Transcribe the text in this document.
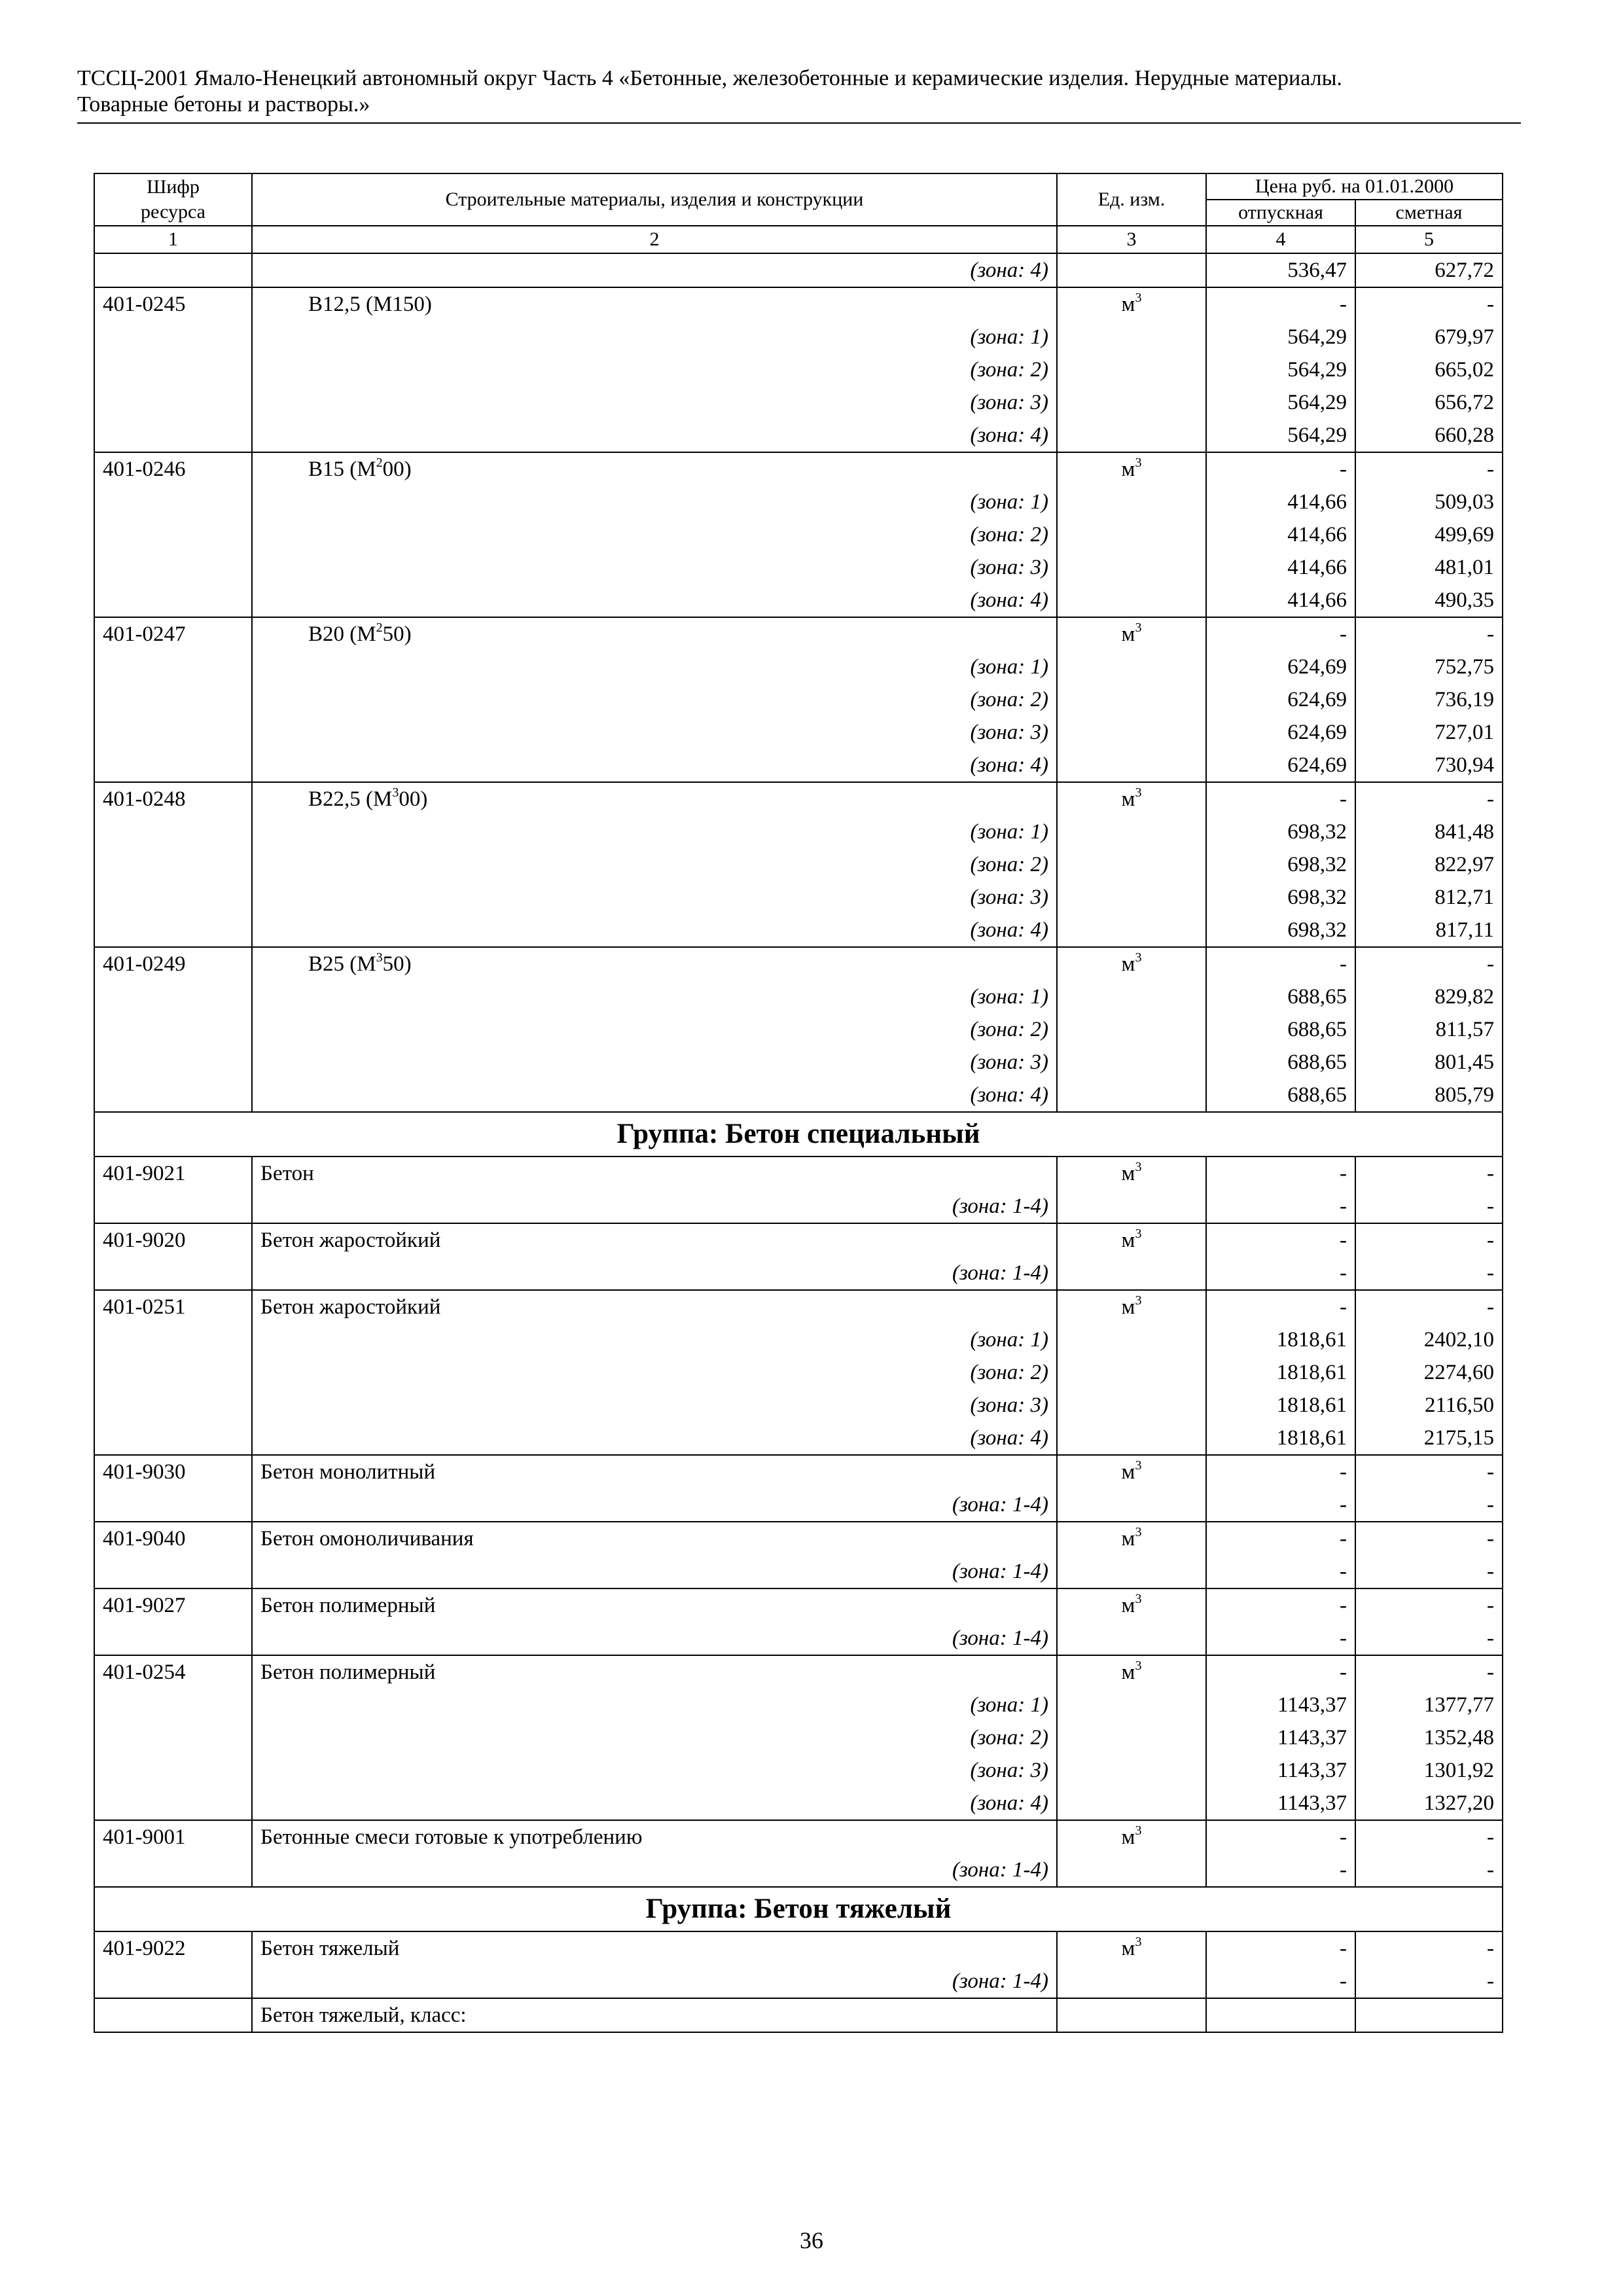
ТССЦ-2001 Ямало-Ненецкий автономный округ Часть 4 «Бетонные, железобетонные и керамические изделия. Нерудные материалы.
Товарные бетоны и растворы.»
Шифр ресурса	Строительные материалы, изделия и конструкции	Ед. изм.	Цена руб. на 01.01.2000	
			отпускная	сметная
1	2	3	4	5
	(зона: 4)		536,47	627,72
401-0245	B12,5 (M150)	$м^3$	-	-
	(зона: 1)		564,29	679,97
	(зона: 2)		564,29	665,02
	(зона: 3)		564,29	656,72
	(зона: 4)		564,29	660,28
401-0246	B15 $(M^200)$	$м^3$	-	-
	(зона: 1)		414,66	509,03
	(зона: 2)		414,66	499,69
	(зона: 3)		414,66	481,01
	(зона: 4)		414,66	490,35
401-0247	B20 $(M^250)$	$м^3$	-	-
	(зона: 1)		624,69	752,75
	(зона: 2)		624,69	736,19
	(зона: 3)		624,69	727,01
	(зона: 4)		624,69	730,94
401-0248	B22,5 $(M^300)$	$м^3$	-	-
	(зона: 1)		698,32	841,48
	(зона: 2)		698,32	822,97
	(зона: 3)		698,32	812,71
	(зона: 4)		698,32	817,11
401-0249	B25 $(M^350)$	$м^3$	-	-
	(зона: 1)		688,65	829,82
	(зона: 2)		688,65	811,57
	(зона: 3)		688,65	801,45
	(зона: 4)		688,65	805,79
Группа: Бетон специальный				
401-9021	Бетон	$м^3$	-	-
	(зона: 1-4)		-	-
401-9020	Бетон жаростойкий	$м^3$	-	-
	(зона: 1-4)		-	-
401-0251	Бетон жаростойкий	$м^3$	-	-
	(зона: 1)		1818,61	2402,10
	(зона: 2)		1818,61	2274,60
	(зона: 3)		1818,61	2116,50
	(зона: 4)		1818,61	2175,15
401-9030	Бетон монолитный	$м^3$	-	-
	(зона: 1-4)		-	-
401-9040	Бетон омоноличивания	$м^3$	-	-
	(зона: 1-4)		-	-
401-9027	Бетон полимерный	$м^3$	-	-
	(зона: 1-4)		-	-
401-0254	Бетон полимерный	$м^3$	-	-
	(зона: 1)		1143,37	1377,77
	(зона: 2)		1143,37	1352,48
	(зона: 3)		1143,37	1301,92
	(зона: 4)		1143,37	1327,20
401-9001	Бетонные смеси готовые к употреблению	$м^3$	-	-
	(зона: 1-4)		-	-
Группа: Бетон тяжелый				
401-9022	Бетон тяжелый	$м^3$	-	-
	(зона: 1-4)		-	-
	Бетон тяжелый, класс:			
36
